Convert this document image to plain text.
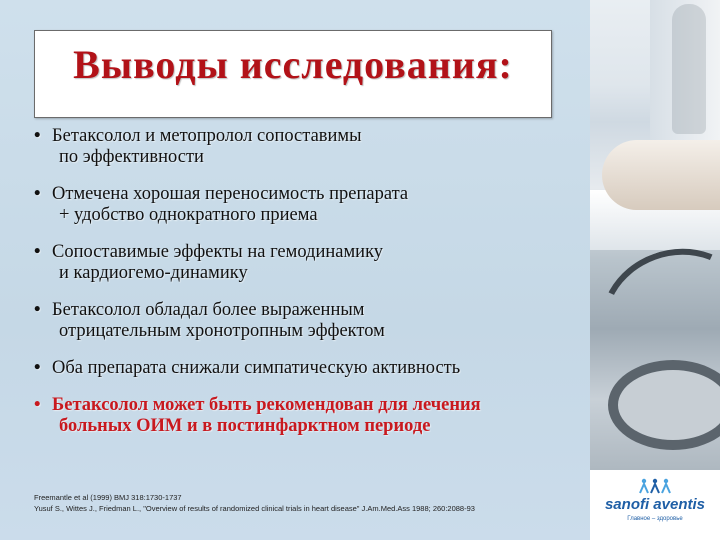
Выводы исследования:
• Бетаксолол и метопролол сопоставимы
по эффективности
• Отмечена хорошая переносимость препарата
+ удобство однократного приема
• Сопоставимые эффекты на гемодинамику
и кардиогемо-динамику
• Бетаксолол обладал более выраженным
отрицательным хронотропным эффектом
• Оба препарата снижали симпатическую активность
• Бетаксолол может быть рекомендован для лечения
больных ОИМ и в постинфарктном периоде
Freemantle et al (1999) BMJ 318:1730-1737
Yusuf S., Wittes J., Friedman L., "Overview of results of randomized clinical trials in heart disease" J.Am.Med.Ass 1988; 260:2088-93	sanofi aventis
Главное – здоровье
